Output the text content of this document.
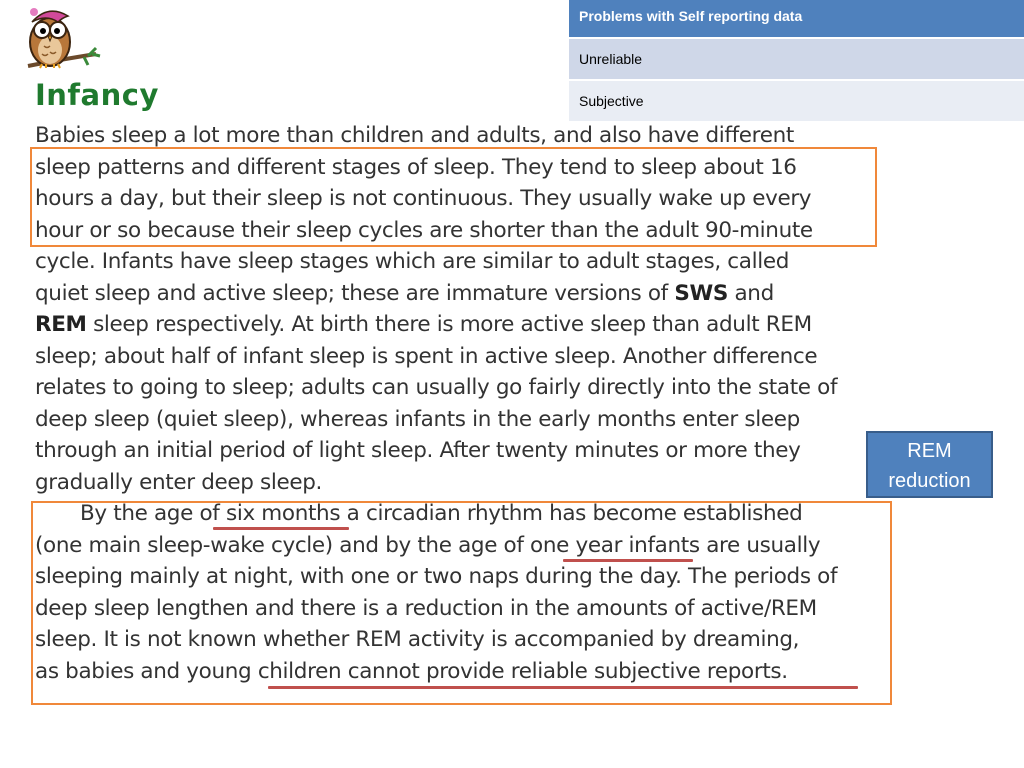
Infancy

Babies sleep a lot more than children and adults, and also have different
sleep patterns and different stages of sleep. They tend to sleep about 16
hours a day, but their sleep is not continuous. They usually wake up every
hour or so because their sleep cycles are shorter than the adult 90-minute
cycle. Infants have sleep stages which are similar to adult stages, called
quiet sleep and active sleep; these are immature versions of SWS and
REM sleep respectively. At birth there is more active sleep than adult REM
sleep; about half of infant sleep is spent in active sleep. Another difference
relates to going to sleep; adults can usually go fairly directly into the state of
deep sleep (quiet sleep), whereas infants in the early months enter sleep
through an initial period of light sleep. After twenty minutes or more they
gradually enter deep sleep.

By the age of six months a circadian rhythm has become established
(one main sleep-wake cycle) and by the age of one year infants are usually
sleeping mainly at night, with one or two naps during the day. The periods of
deep sleep lengthen and there is a reduction in the amounts of active/REM
sleep. It is not known whether REM activity is accompanied by dreaming,
as babies and young children cannot provide reliable subjective reports.

Problems with Self reporting data
Unreliable
Subjective
REM
reduction
